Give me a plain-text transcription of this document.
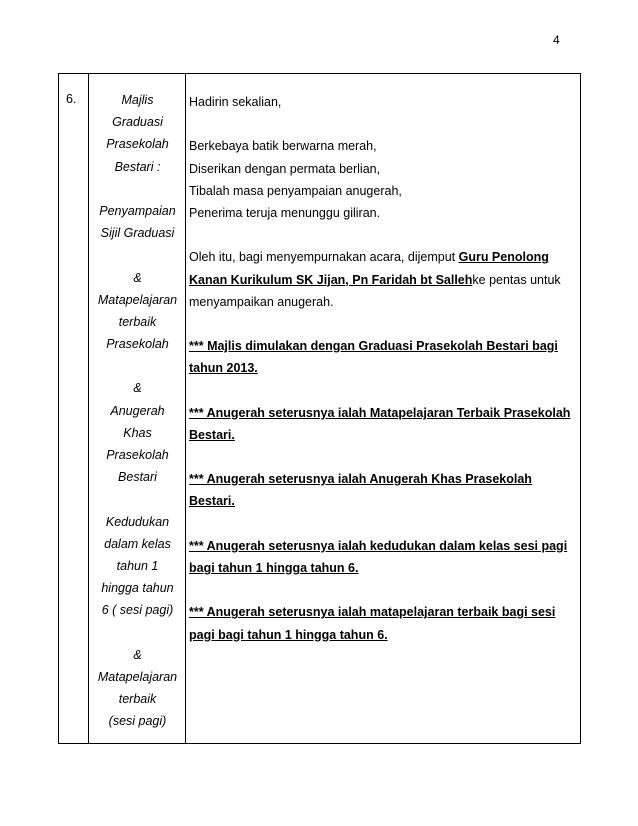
4
6.	Majlis
Graduasi
Prasekolah
Bestari :
Penyampaian
Sijil Graduasi
&
Matapelajaran
terbaik
Prasekolah
&
Anugerah
Khas
Prasekolah
Bestari
Kedudukan
dalam kelas
tahun 1
hingga tahun
6 ( sesi pagi)
&
Matapelajaran
terbaik
(sesi pagi)
Hadirin sekalian,
Berkebaya batik berwarna merah,
Diserikan dengan permata berlian,
Tibalah masa penyampaian anugerah,
Penerima teruja menunggu giliran.
Oleh itu, bagi menyempurnakan acara, dijemput Guru Penolong
Kanan Kurikulum SK Jijan, Pn Faridah bt Sallehke pentas untuk
menyampaikan anugerah.
*** Majlis dimulakan dengan Graduasi Prasekolah Bestari bagi
tahun 2013.
*** Anugerah seterusnya ialah Matapelajaran Terbaik Prasekolah
Bestari.
*** Anugerah seterusnya ialah Anugerah Khas Prasekolah
Bestari.
*** Anugerah seterusnya ialah kedudukan dalam kelas sesi pagi
bagi tahun 1 hingga tahun 6.
*** Anugerah seterusnya ialah matapelajaran terbaik bagi sesi
pagi bagi tahun 1 hingga tahun 6.
